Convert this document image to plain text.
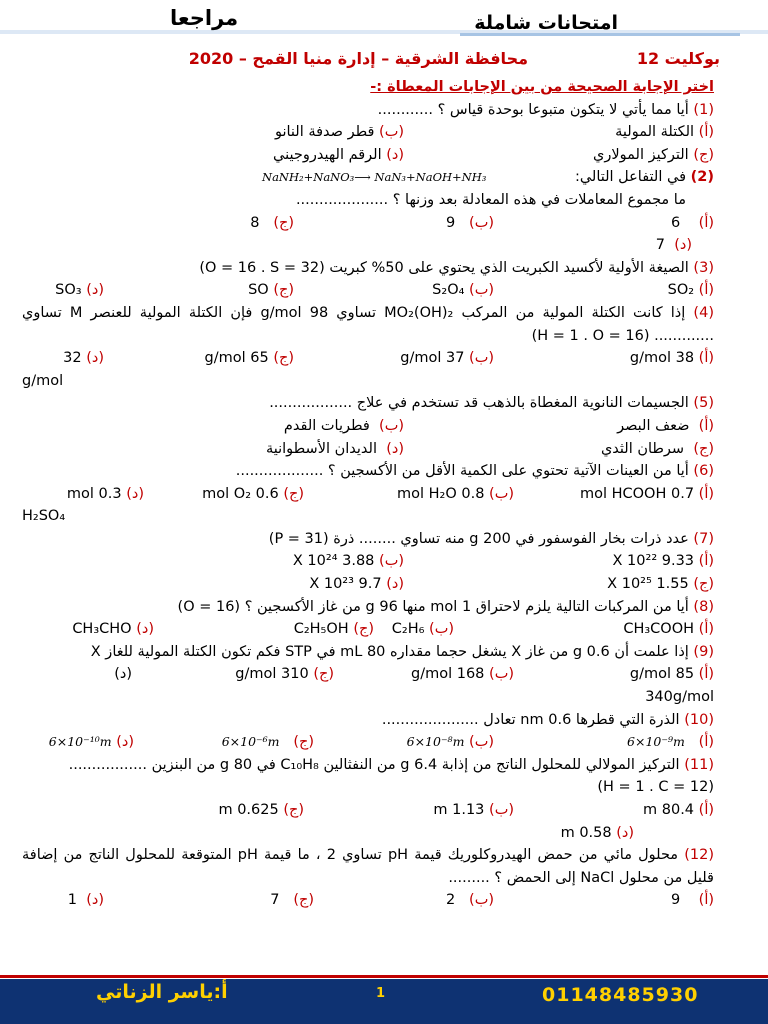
مراجعا	امتحانات شاملة
بوكليت 12
محافظة الشرقية – إدارة منيا القمح – 2020
اختر الإجابة الصحيحة من بين الإجابات المعطاة :-
(1) أيا مما يأتي لا يتكون متبوعا بوحدة قياس ؟ ............
(أ) الكتلة المولية
(ب) قطر صدفة النانو
(ج) التركيز المولاري
(د) الرقم الهيدروجيني
(2) في التفاعل التالي:
NaNH₂+NaNO₃⟶ NaN₃+NaOH+NH₃
ما مجموع المعاملات في هذه المعادلة بعد وزنها ؟ ....................
(أ)    6
(ب)   9
(ج)   8
(د)  7
(3) الصيغة الأولية لأكسيد الكبريت الذي يحتوي على 50% كبريت (O = 16 . S = 32)
(أ) SO₂
(ب) S₂O₄
(ج) SO
(د) SO₃
(4) إذا كانت الكتلة المولية من المركب MO₂(OH)₂ تساوي 98 g/mol فإن الكتلة المولية للعنصر M تساوي ............. (H = 1 . O = 16)
(أ) 38 g/mol
(ب) 37 g/mol
(ج) 65 g/mol
(د) 32
g/mol
(5) الجسيمات النانوية المغطاة بالذهب قد تستخدم في علاج ..................
(أ)  ضعف البصر
(ب)  فطريات القدم
(ج)  سرطان الثدي
(د)  الديدان الأسطوانية
(6) أيا من العينات الآتية تحتوي على الكمية الأقل من الأكسجين ؟ ...................
(أ) 0.7 mol HCOOH
(ب) 0.8 mol H₂O
(ج) 0.6 mol O₂
(د) 0.3 mol
H₂SO₄
(7) عدد ذرات بخار الفوسفور في 200 g منه تساوي ........ ذرة (P = 31)
(أ) 9.33 X 10²²
(ب) 3.88 X 10²⁴
(ج) 1.55 X 10²⁵
(د) 9.7 X 10²³
(8) أيا من المركبات التالية يلزم لاحتراق 1 mol منها 96 g من غاز الأكسجين ؟ (O = 16)
(أ) CH₃COOH
(ب) C₂H₆
(ج) C₂H₅OH
(د) CH₃CHO
(9) إذا علمت أن 0.6 g من غاز X يشغل حجما مقداره 80 mL في STP فكم تكون الكتلة المولية للغاز X
(أ) 85 g/mol
(ب) 168 g/mol
(ج) 310 g/mol
(د)
340g/mol
(10) الذرة التي قطرها 0.6 nm تعادل .....................
(أ)   6×10⁻⁹m
(ب) 6×10⁻⁸m
(ج)   6×10⁻⁶m
(د) 6×10⁻¹⁰m
(11) التركيز المولالي للمحلول الناتج من إذابة 6.4 g من النفثالين C₁₀H₈ في 80 g من البنزين .................
(H = 1 . C = 12)
(أ) 80.4 m
(ب) 1.13 m
(ج) 0.625 m
(د) 0.58 m
(12) محلول مائي من حمض الهيدروكلوريك قيمة pH تساوي 2 ، ما قيمة pH المتوقعة للمحلول الناتج من إضافة قليل من محلول NaCl إلى الحمض ؟ .........
(أ)    9
(ب)   2
(ج)   7
(د)  1
أ:ياسر الزناتي	1	01148485930
